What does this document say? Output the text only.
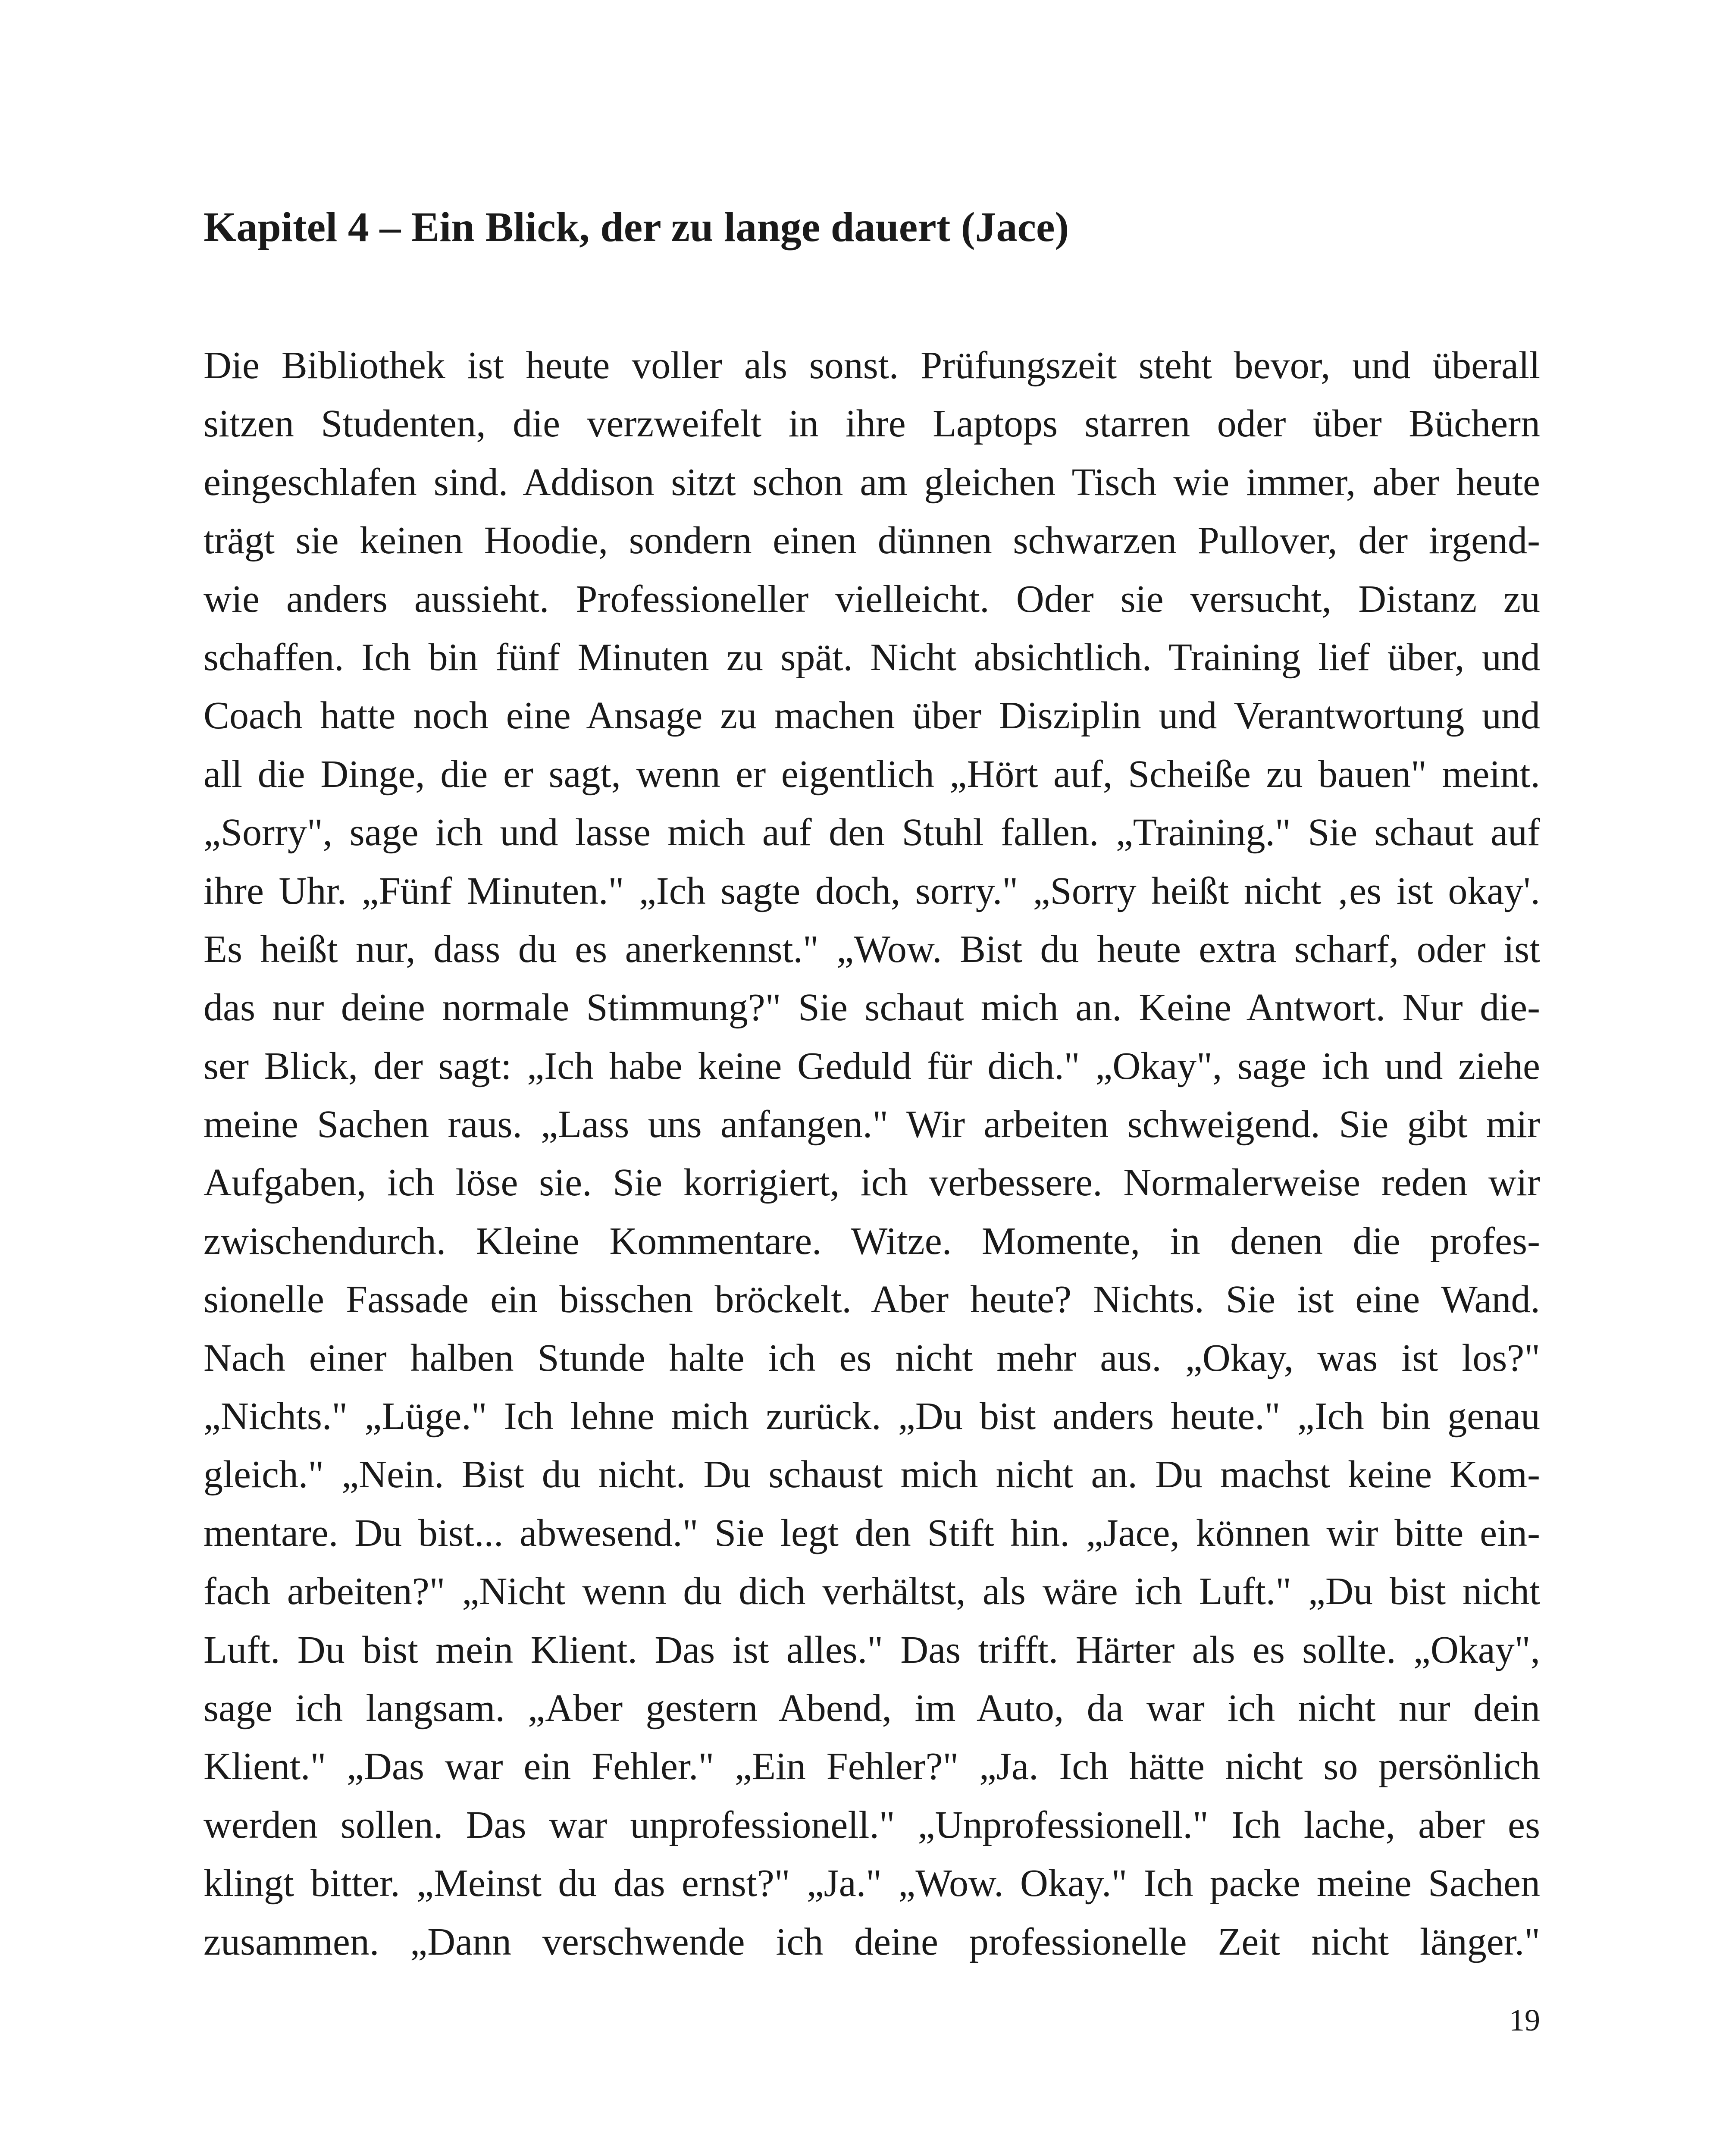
Kapitel 4 – Ein Blick, der zu lange dauert (Jace)
Die Bibliothek ist heute voller als sonst. Prüfungszeit steht bevor, und überall
sitzen Studenten, die verzweifelt in ihre Laptops starren oder über Büchern
eingeschlafen sind. Addison sitzt schon am gleichen Tisch wie immer, aber heute
trägt sie keinen Hoodie, sondern einen dünnen schwarzen Pullover, der irgend-
wie anders aussieht. Professioneller vielleicht. Oder sie versucht, Distanz zu
schaffen. Ich bin fünf Minuten zu spät. Nicht absichtlich. Training lief über, und
Coach hatte noch eine Ansage zu machen über Disziplin und Verantwortung und
all die Dinge, die er sagt, wenn er eigentlich „Hört auf, Scheiße zu bauen" meint.
„Sorry", sage ich und lasse mich auf den Stuhl fallen. „Training." Sie schaut auf
ihre Uhr. „Fünf Minuten." „Ich sagte doch, sorry." „Sorry heißt nicht ‚es ist okay'.
Es heißt nur, dass du es anerkennst." „Wow. Bist du heute extra scharf, oder ist
das nur deine normale Stimmung?" Sie schaut mich an. Keine Antwort. Nur die-
ser Blick, der sagt: „Ich habe keine Geduld für dich." „Okay", sage ich und ziehe
meine Sachen raus. „Lass uns anfangen." Wir arbeiten schweigend. Sie gibt mir
Aufgaben, ich löse sie. Sie korrigiert, ich verbessere. Normalerweise reden wir
zwischendurch. Kleine Kommentare. Witze. Momente, in denen die profes-
sionelle Fassade ein bisschen bröckelt. Aber heute? Nichts. Sie ist eine Wand.
Nach einer halben Stunde halte ich es nicht mehr aus. „Okay, was ist los?"
„Nichts." „Lüge." Ich lehne mich zurück. „Du bist anders heute." „Ich bin genau
gleich." „Nein. Bist du nicht. Du schaust mich nicht an. Du machst keine Kom-
mentare. Du bist... abwesend." Sie legt den Stift hin. „Jace, können wir bitte ein-
fach arbeiten?" „Nicht wenn du dich verhältst, als wäre ich Luft." „Du bist nicht
Luft. Du bist mein Klient. Das ist alles." Das trifft. Härter als es sollte. „Okay",
sage ich langsam. „Aber gestern Abend, im Auto, da war ich nicht nur dein
Klient." „Das war ein Fehler." „Ein Fehler?" „Ja. Ich hätte nicht so persönlich
werden sollen. Das war unprofessionell." „Unprofessionell." Ich lache, aber es
klingt bitter. „Meinst du das ernst?" „Ja." „Wow. Okay." Ich packe meine Sachen
zusammen. „Dann verschwende ich deine professionelle Zeit nicht länger."
19
